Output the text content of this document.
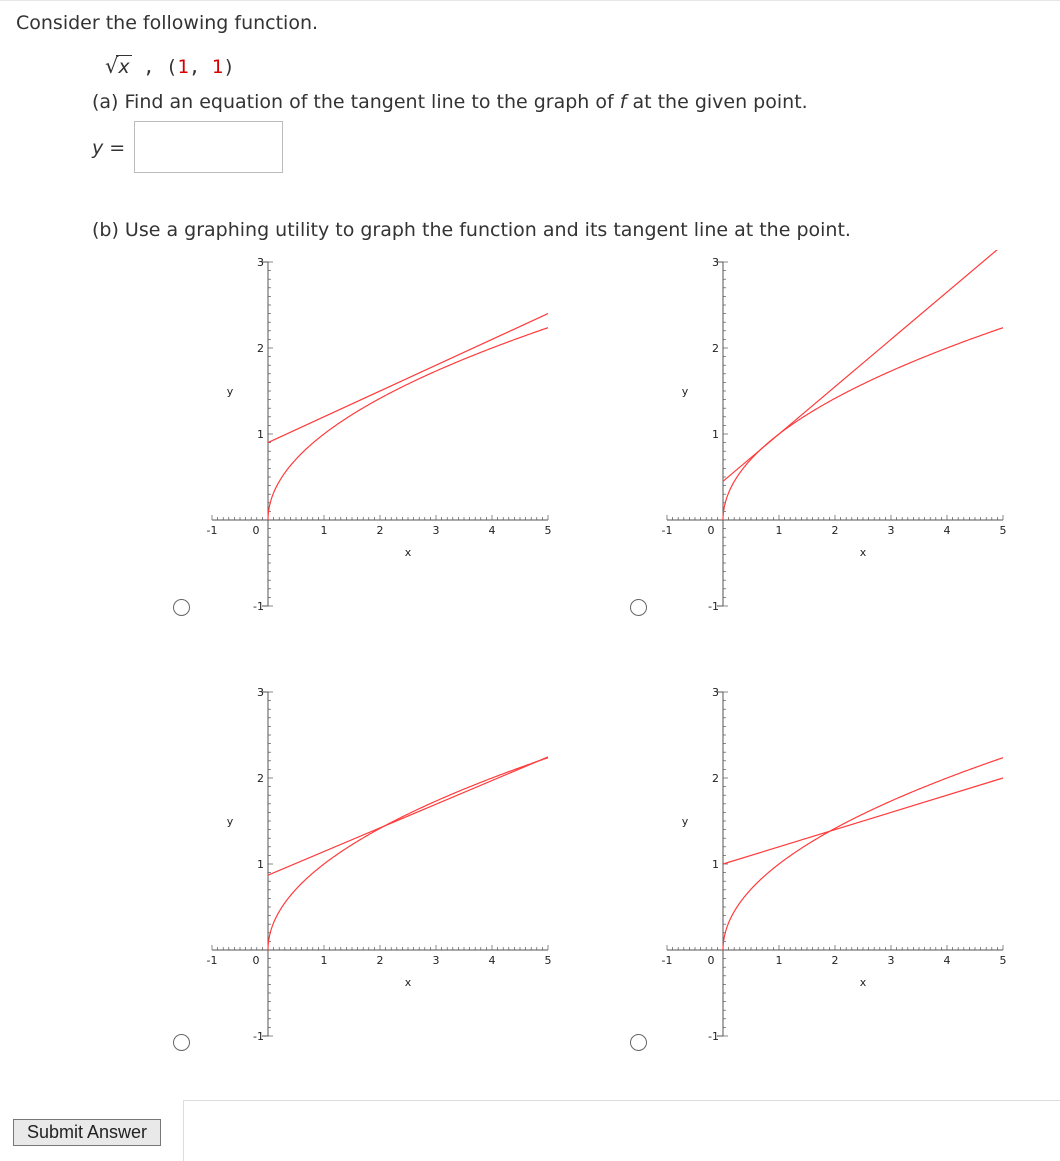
Consider the following function.
√x , (1, 1)
(a) Find an equation of the tangent line to the graph of f at the given point.
y =
(b) Use a graphing utility to graph the function and its tangent line at the point.
-1	0	1	2	3	4	5
3
2
1
-1
x
y
-1	0	1	2	3	4	5
3
2
1
-1
x
y
-1	0	1	2	3	4	5
3
2
1
-1
x
y
-1	0	1	2	3	4	5
3
2
1
-1
x
y
Submit Answer
